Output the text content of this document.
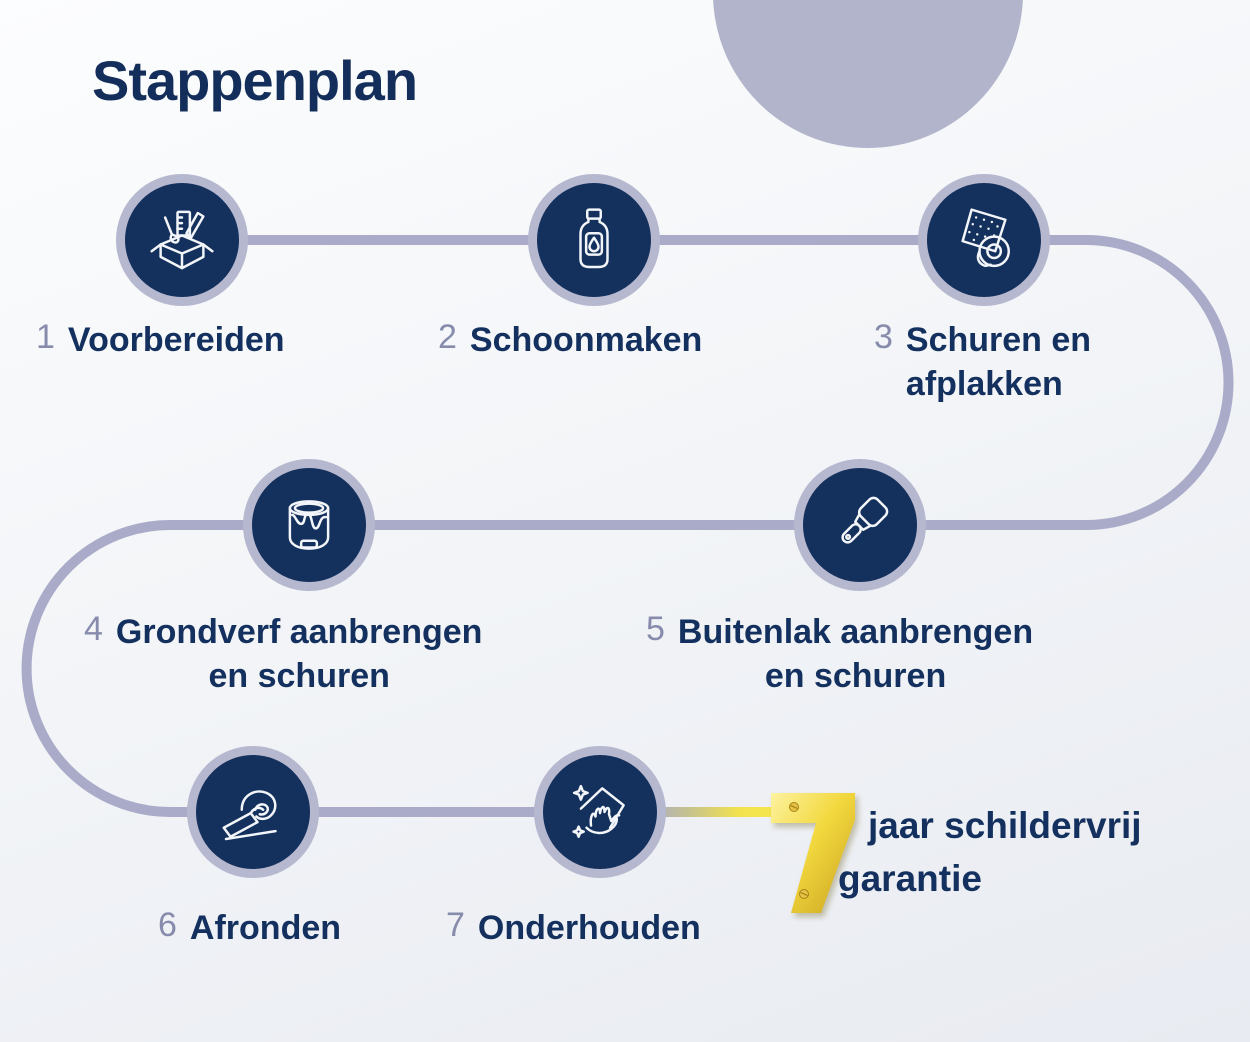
Stappenplan
1 Voorbereiden	2 Schoonmaken	3 Schuren en
afplakken
4 Grondverf aanbrengen
en schuren
5 Buitenlak aanbrengen
en schuren
6 Afronden	7 Onderhouden
jaar schildervrij
garantie
